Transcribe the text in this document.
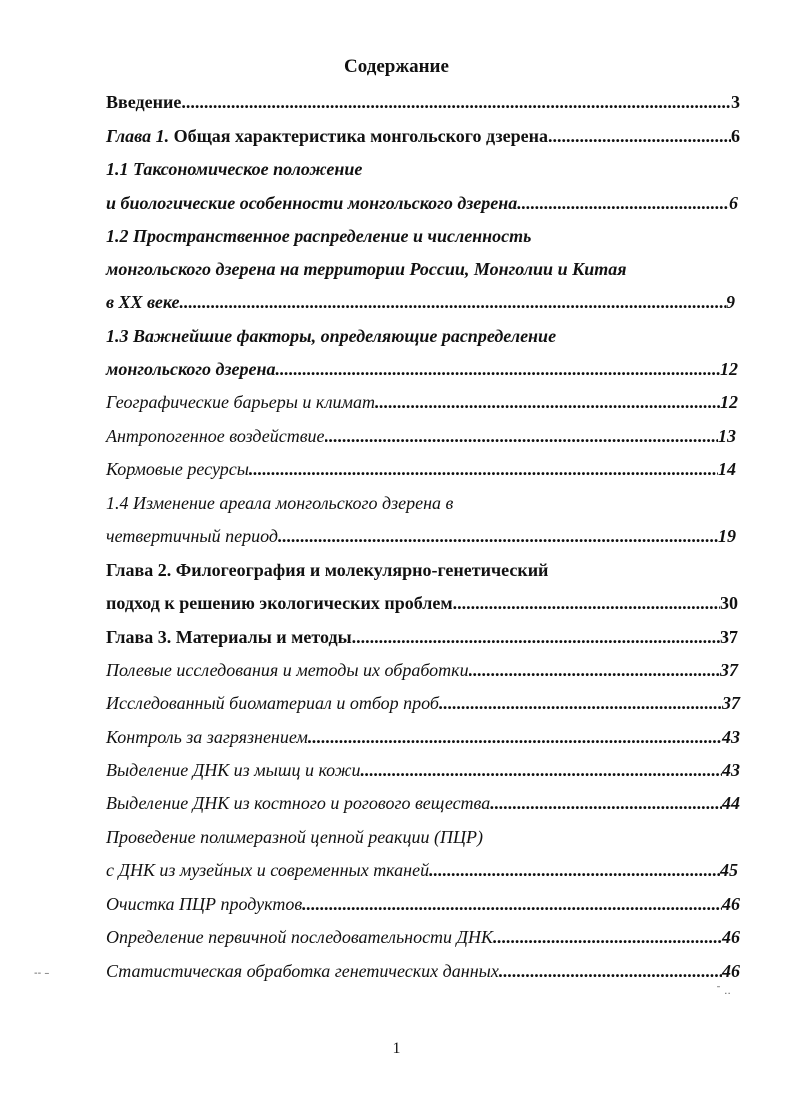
Содержание
Введение .....	3
Глава 1. Общая характеристика монгольского дзерена .....	6
1.1 Таксономическое положение
и биологические особенности монгольского дзерена .....	6
1.2 Пространственное распределение и численность
монгольского дзерена на территории России, Монголии и Китая
в XX веке .....	9
1.3 Важнейшие факторы, определяющие распределение
монгольского дзерена .....	12
Географические барьеры и климат .....	12
Антропогенное воздействие .....	13
Кормовые ресурсы .....	14
1.4 Изменение ареала монгольского дзерена в
четвертичный период .....	19
Глава 2. Филогеография и молекулярно-генетический
подход к решению экологических проблем .....	30
Глава 3. Материалы и методы .....	37
Полевые исследования и методы их обработки .....	37
Исследованный биоматериал и отбор проб .....	37
Контроль за загрязнением .....	43
Выделение ДНК из мышц и кожи .....	43
Выделение ДНК из костного и рогового вещества .....	44
Проведение полимеразной цепной реакции (ПЦР)
с ДНК из музейных и современных тканей .....	45
Очистка ПЦР продуктов .....	46
Определение первичной последовательности ДНК .....	46
Статистическая обработка генетических данных .....	46
-- –
¯ ‥
1
